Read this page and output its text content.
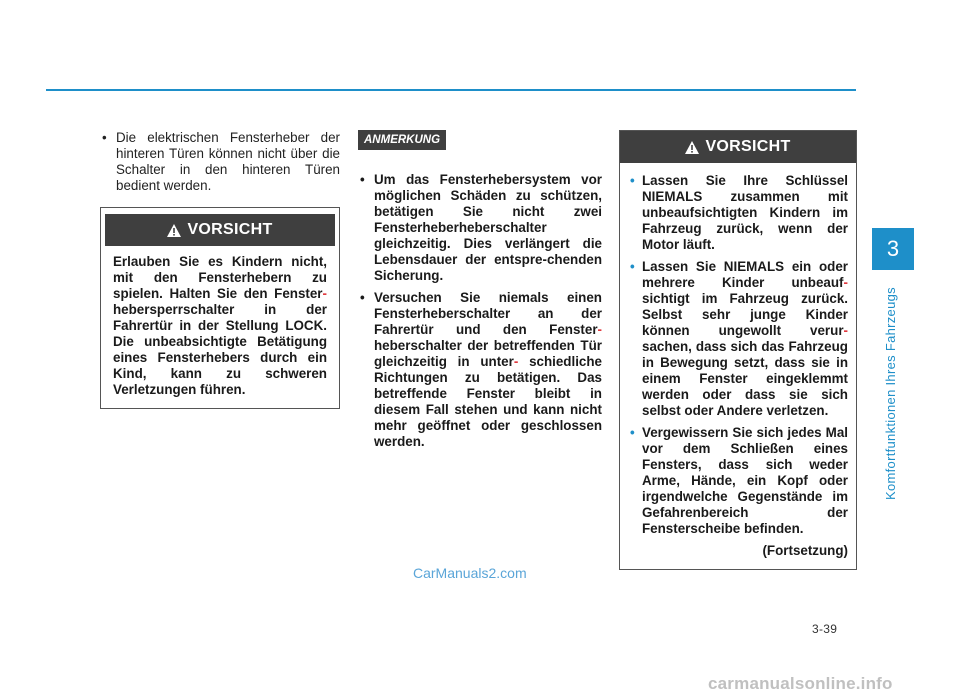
3
Komfortfunktionen Ihres Fahrzeugs
• Die elektrischen Fensterheber der hinteren Türen können nicht über die Schalter in den hinteren Türen bedient werden.
VORSICHT
Erlauben Sie es Kindern nicht, mit den Fensterhebern zu spielen. Halten Sie den Fenster- hebersperrschalter in der Fahrertür in der Stellung LOCK. Die unbeabsichtigte Betätigung eines Fensterhebers durch ein Kind, kann zu schweren Verletzungen führen.
ANMERKUNG
• Um das Fensterhebersystem vor möglichen Schäden zu schützen, betätigen Sie nicht zwei Fensterheberheberschalter gleichzeitig. Dies verlängert die Lebensdauer der entspre-chenden Sicherung.
• Versuchen Sie niemals einen Fensterheberschalter an der Fahrertür und den Fenster- heberschalter der betreffenden Tür gleichzeitig in unter- schiedliche Richtungen zu betätigen. Das betreffende Fenster bleibt in diesem Fall stehen und kann nicht mehr geöffnet oder geschlossen werden.
VORSICHT
• Lassen Sie Ihre Schlüssel NIEMALS zusammen mit unbeaufsichtigten Kindern im Fahrzeug zurück, wenn der Motor läuft.
• Lassen Sie NIEMALS ein oder mehrere Kinder unbeauf- sichtigt im Fahrzeug zurück. Selbst sehr junge Kinder können ungewollt verur- sachen, dass sich das Fahrzeug in Bewegung setzt, dass sie in einem Fenster eingeklemmt werden oder dass sie sich selbst oder Andere verletzen.
• Vergewissern Sie sich jedes Mal vor dem Schließen eines Fensters, dass sich weder Arme, Hände, ein Kopf oder irgendwelche Gegenstände im Gefahrenbereich der Fensterscheibe befinden.
(Fortsetzung)
CarManuals2.com
3-39
carmanualsonline.info
